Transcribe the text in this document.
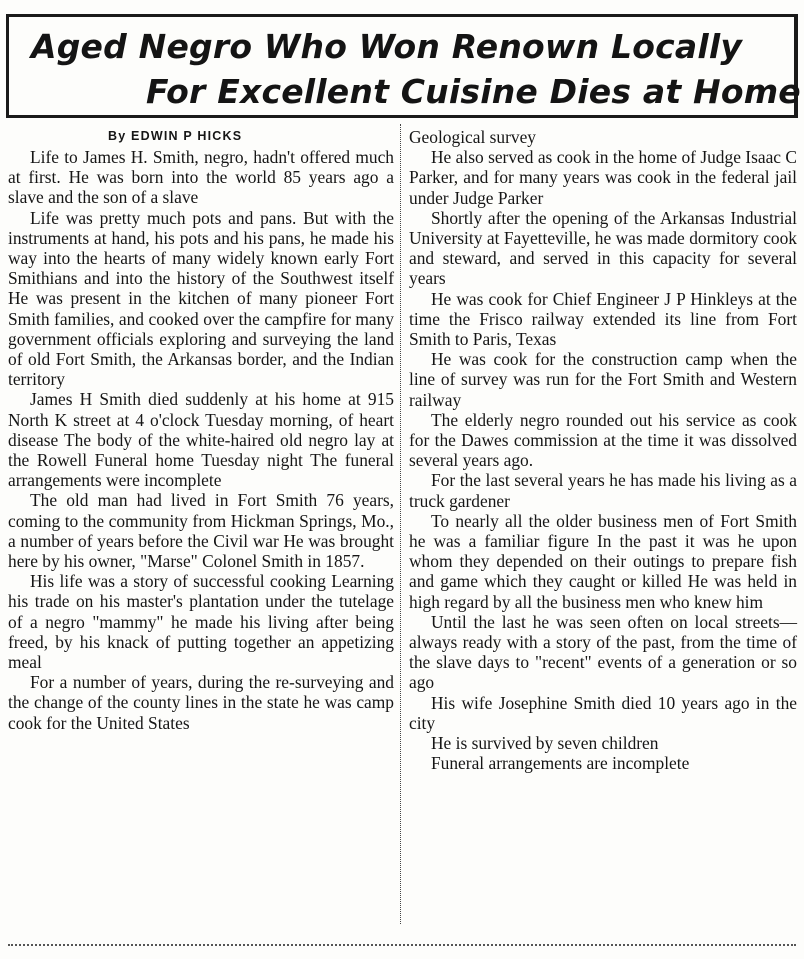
Aged Negro Who Won Renown Locally
For Excellent Cuisine Dies at Home
By EDWIN P HICKS

Life to James H. Smith, negro, hadn't offered much at first. He was born into the world 85 years ago a slave and the son of a slave

Life was pretty much pots and pans. But with the instruments at hand, his pots and his pans, he made his way into the hearts of many widely known early Fort Smithians and into the history of the Southwest itself He was present in the kitchen of many pioneer Fort Smith families, and cooked over the campfire for many government officials exploring and surveying the land of old Fort Smith, the Arkansas border, and the Indian territory

James H Smith died suddenly at his home at 915 North K street at 4 o'clock Tuesday morning, of heart disease The body of the white-haired old negro lay at the Rowell Funeral home Tuesday night The funeral arrangements were incomplete

The old man had lived in Fort Smith 76 years, coming to the community from Hickman Springs, Mo., a number of years before the Civil war He was brought here by his owner, "Marse" Colonel Smith in 1857.

His life was a story of successful cooking Learning his trade on his master's plantation under the tutelage of a negro "mammy" he made his living after being freed, by his knack of putting together an appetizing meal

For a number of years, during the re-surveying and the change of the county lines in the state he was camp cook for the United States

Geological survey

He also served as cook in the home of Judge Isaac C Parker, and for many years was cook in the federal jail under Judge Parker

Shortly after the opening of the Arkansas Industrial University at Fayetteville, he was made dormitory cook and steward, and served in this capacity for several years

He was cook for Chief Engineer J P Hinkleys at the time the Frisco railway extended its line from Fort Smith to Paris, Texas

He was cook for the construction camp when the line of survey was run for the Fort Smith and Western railway

The elderly negro rounded out his service as cook for the Dawes commission at the time it was dissolved several years ago.

For the last several years he has made his living as a truck gardener

To nearly all the older business men of Fort Smith he was a familiar figure In the past it was he upon whom they depended on their outings to prepare fish and game which they caught or killed He was held in high regard by all the business men who knew him

Until the last he was seen often on local streets—always ready with a story of the past, from the time of the slave days to "recent" events of a generation or so ago

His wife Josephine Smith died 10 years ago in the city

He is survived by seven children

Funeral arrangements are incomplete
